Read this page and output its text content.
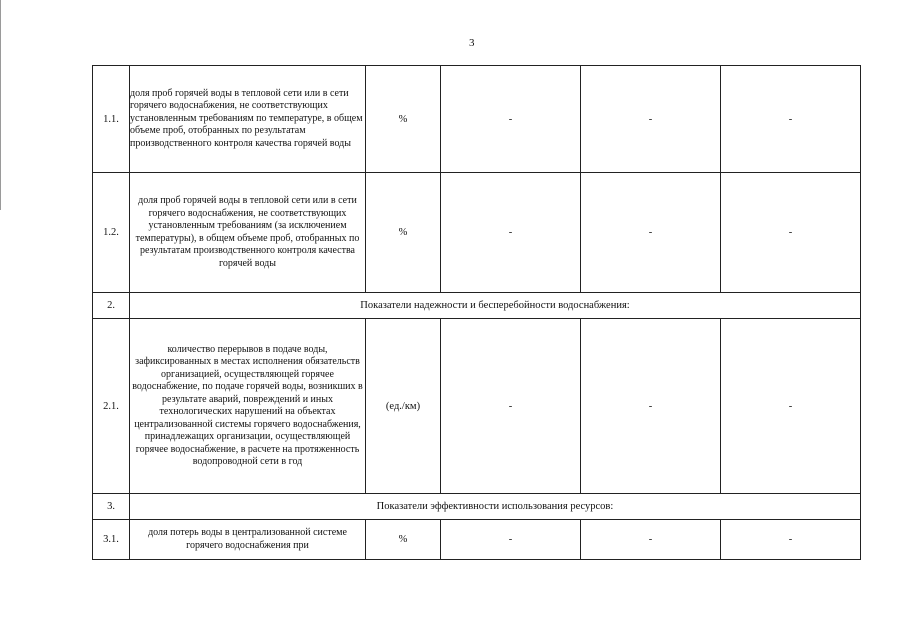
3
1.1.	доля проб горячей воды в тепловой сети или в сети горячего водоснабжения, не соответствующих установленным требованиям по температуре, в общем объеме проб, отобранных по результатам производственного контроля качества горячей воды	%	-	-	-
1.2.	доля проб горячей воды в тепловой сети или в сети горячего водоснабжения, не соответствующих установленным требованиям (за исключением температуры), в общем объеме проб, отобранных по результатам производственного контроля качества горячей воды	%	-	-	-
2.	Показатели надежности и бесперебойности водоснабжения:				
2.1.	количество перерывов в подаче воды, зафиксированных в местах исполнения обязательств организацией, осуществляющей горячее водоснабжение, по подаче горячей воды, возникших в результате аварий, повреждений и иных технологических нарушений на объектах централизованной системы горячего водоснабжения, принадлежащих организации, осуществляющей горячее водоснабжение, в расчете на протяженность водопроводной сети в год	(ед./км)	-	-	-
3.	Показатели эффективности использования ресурсов:				
3.1.	доля потерь воды в централизованной системе горячего водоснабжения при	%	-	-	-
